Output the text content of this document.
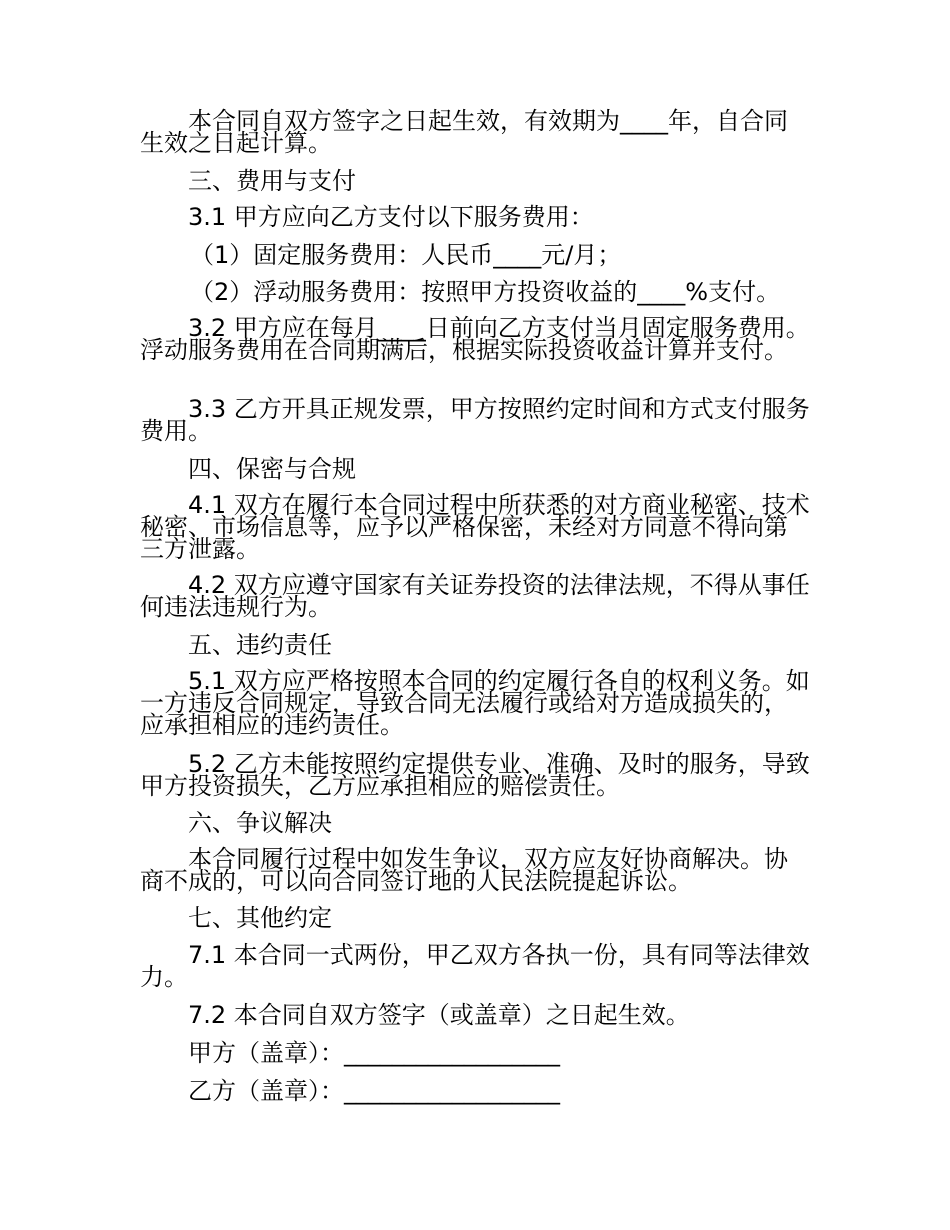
本合同自双方签字之日起生效，有效期为____年，自合同生效之日起计算。

三、费用与支付

3.1 甲方应向乙方支付以下服务费用：

（1）固定服务费用：人民币____元/月；

（2）浮动服务费用：按照甲方投资收益的____%支付。

3.2 甲方应在每月____日前向乙方支付当月固定服务费用。浮动服务费用在合同期满后，根据实际投资收益计算并支付。

3.3 乙方开具正规发票，甲方按照约定时间和方式支付服务费用。

四、保密与合规

4.1 双方在履行本合同过程中所获悉的对方商业秘密、技术秘密、市场信息等，应予以严格保密，未经对方同意不得向第三方泄露。

4.2 双方应遵守国家有关证券投资的法律法规，不得从事任何违法违规行为。

五、违约责任

5.1 双方应严格按照本合同的约定履行各自的权利义务。如一方违反合同规定，导致合同无法履行或给对方造成损失的，应承担相应的违约责任。

5.2 乙方未能按照约定提供专业、准确、及时的服务，导致甲方投资损失，乙方应承担相应的赔偿责任。

六、争议解决

本合同履行过程中如发生争议，双方应友好协商解决。协商不成的，可以向合同签订地的人民法院提起诉讼。

七、其他约定

7.1 本合同一式两份，甲乙双方各执一份，具有同等法律效力。

7.2 本合同自双方签字（或盖章）之日起生效。

甲方（盖章）：__________________

乙方（盖章）：__________________
